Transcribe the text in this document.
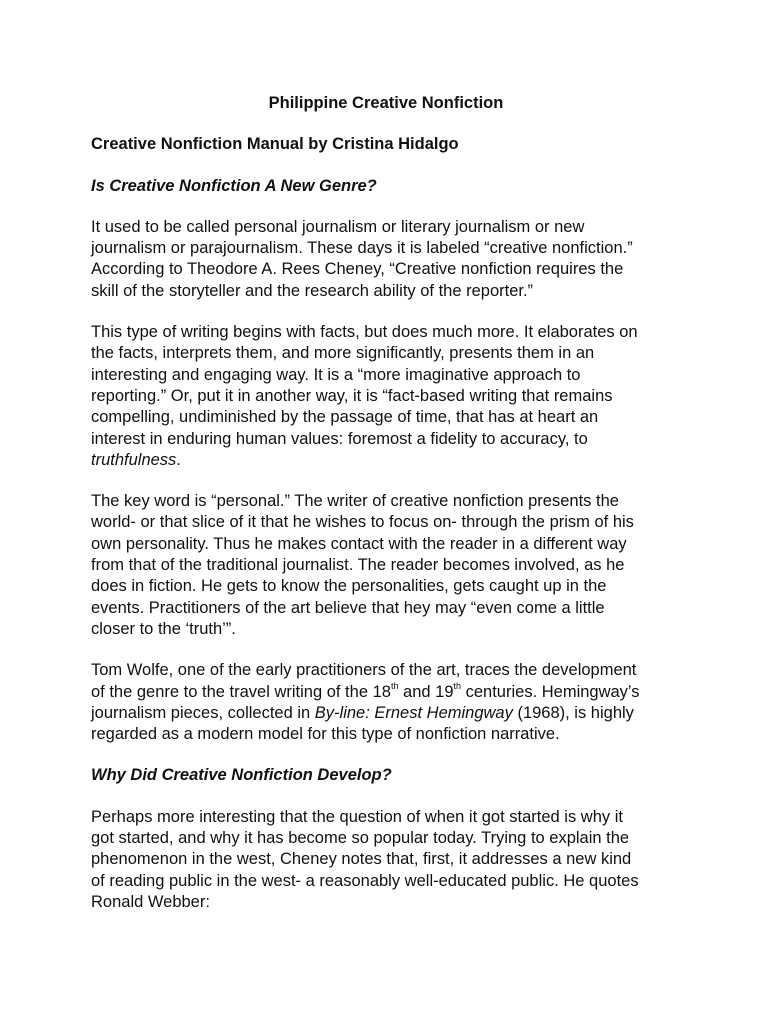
Philippine Creative Nonfiction
Creative Nonfiction Manual by Cristina Hidalgo
Is Creative Nonfiction A New Genre?
It used to be called personal journalism or literary journalism or new
journalism or parajournalism. These days it is labeled “creative nonfiction.”
According to Theodore A. Rees Cheney, “Creative nonfiction requires the
skill of the storyteller and the research ability of the reporter.”
This type of writing begins with facts, but does much more. It elaborates on
the facts, interprets them, and more significantly, presents them in an
interesting and engaging way. It is a “more imaginative approach to
reporting.” Or, put it in another way, it is “fact-based writing that remains
compelling, undiminished by the passage of time, that has at heart an
interest in enduring human values: foremost a fidelity to accuracy, to
truthfulness.
The key word is “personal.” The writer of creative nonfiction presents the
world- or that slice of it that he wishes to focus on- through the prism of his
own personality. Thus he makes contact with the reader in a different way
from that of the traditional journalist. The reader becomes involved, as he
does in fiction. He gets to know the personalities, gets caught up in the
events. Practitioners of the art believe that hey may “even come a little
closer to the ‘truth’”.
Tom Wolfe, one of the early practitioners of the art, traces the development
of the genre to the travel writing of the 18th and 19th centuries. Hemingway’s
journalism pieces, collected in By-line: Ernest Hemingway (1968), is highly
regarded as a modern model for this type of nonfiction narrative.
Why Did Creative Nonfiction Develop?
Perhaps more interesting that the question of when it got started is why it
got started, and why it has become so popular today. Trying to explain the
phenomenon in the west, Cheney notes that, first, it addresses a new kind
of reading public in the west- a reasonably well-educated public. He quotes
Ronald Webber:
